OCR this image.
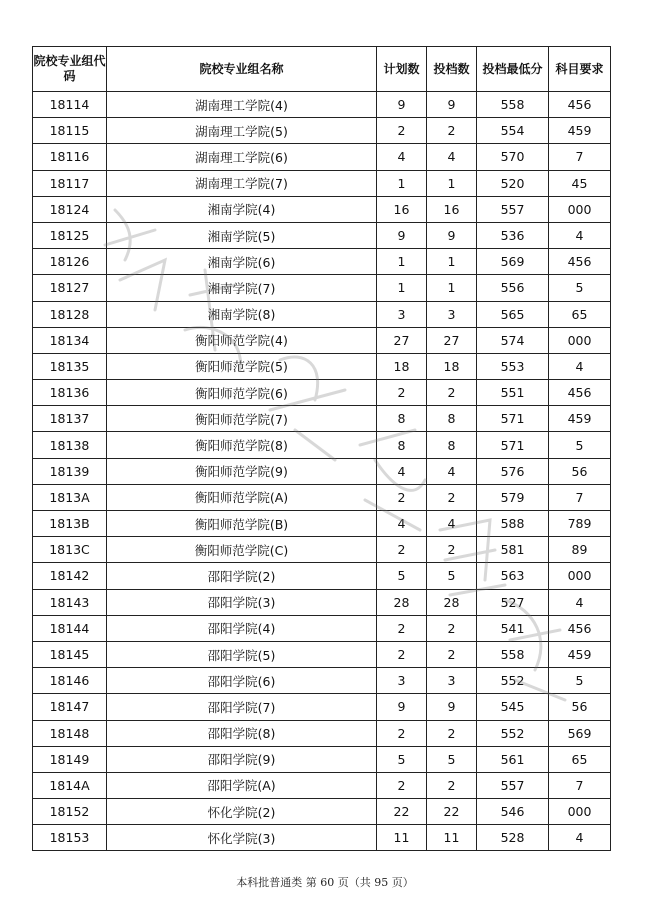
院校专业组代码	院校专业组名称	计划数	投档数	投档最低分	科目要求
18114	湖南理工学院(4)	9	9	558	456
18115	湖南理工学院(5)	2	2	554	459
18116	湖南理工学院(6)	4	4	570	7
18117	湖南理工学院(7)	1	1	520	45
18124	湘南学院(4)	16	16	557	000
18125	湘南学院(5)	9	9	536	4
18126	湘南学院(6)	1	1	569	456
18127	湘南学院(7)	1	1	556	5
18128	湘南学院(8)	3	3	565	65
18134	衡阳师范学院(4)	27	27	574	000
18135	衡阳师范学院(5)	18	18	553	4
18136	衡阳师范学院(6)	2	2	551	456
18137	衡阳师范学院(7)	8	8	571	459
18138	衡阳师范学院(8)	8	8	571	5
18139	衡阳师范学院(9)	4	4	576	56
1813A	衡阳师范学院(A)	2	2	579	7
1813B	衡阳师范学院(B)	4	4	588	789
1813C	衡阳师范学院(C)	2	2	581	89
18142	邵阳学院(2)	5	5	563	000
18143	邵阳学院(3)	28	28	527	4
18144	邵阳学院(4)	2	2	541	456
18145	邵阳学院(5)	2	2	558	459
18146	邵阳学院(6)	3	3	552	5
18147	邵阳学院(7)	9	9	545	56
18148	邵阳学院(8)	2	2	552	569
18149	邵阳学院(9)	5	5	561	65
1814A	邵阳学院(A)	2	2	557	7
18152	怀化学院(2)	22	22	546	000
18153	怀化学院(3)	11	11	528	4
本科批普通类 第 60 页（共 95 页）
